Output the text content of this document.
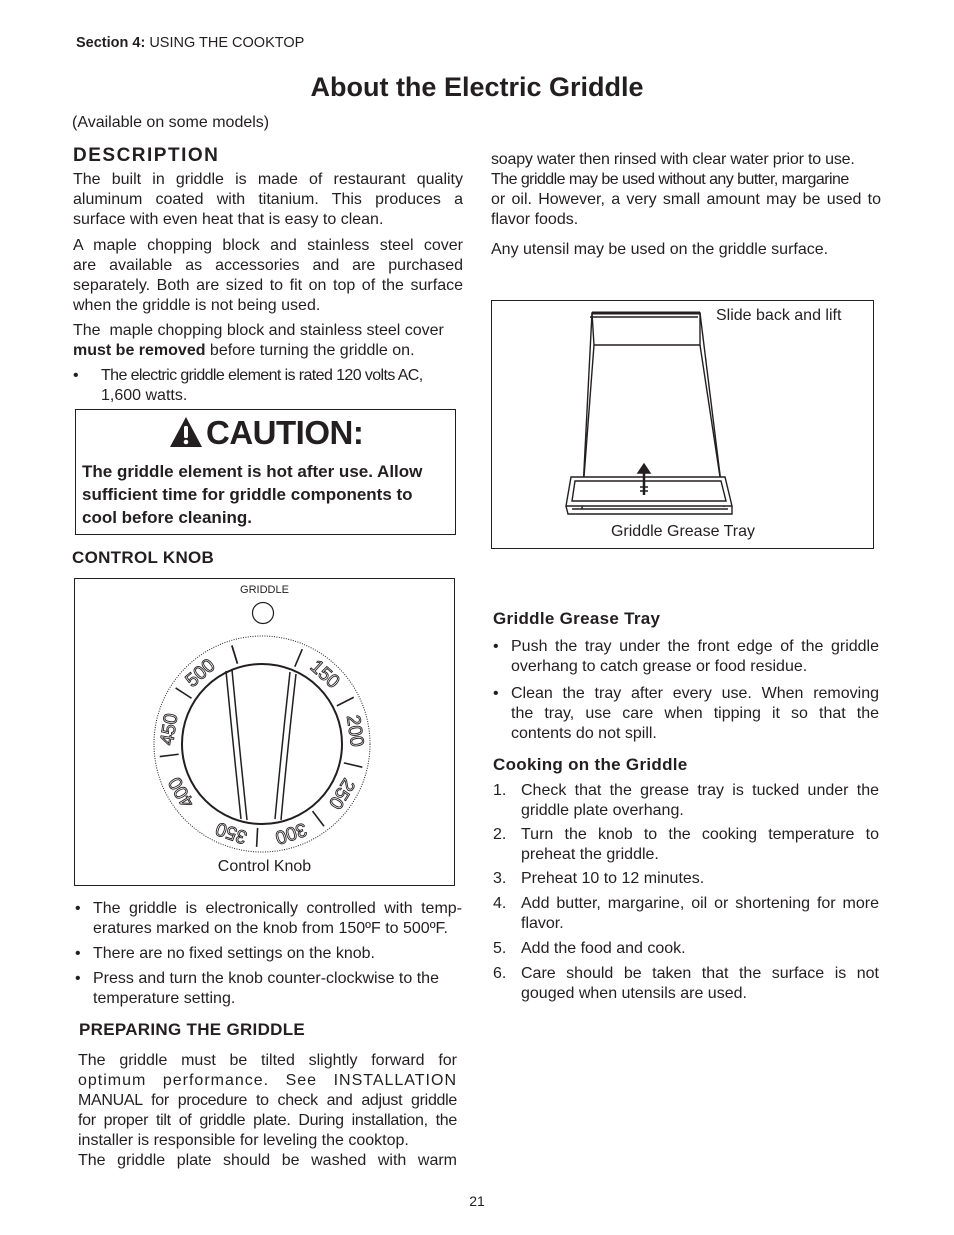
Section 4: USING THE COOKTOP
About the Electric Griddle
(Available on some models)
DESCRIPTION
The built in griddle is made of restaurant quality
aluminum coated with titanium. This produces a
surface with even heat that is easy to clean.
A maple chopping block and stainless steel cover
are available as accessories and are purchased
separately. Both are sized to fit on top of the surface
when the griddle is not being used.
The  maple chopping block and stainless steel cover
must be removed before turning the griddle on.
• The electric griddle element is rated 120 volts AC,
1,600 watts.
CAUTION:
The griddle element is hot after use. Allow
sufficient time for griddle components to
cool before cleaning.
CONTROL KNOB
GRIDDLE
150
200
250
300
350
400
450
500
Control Knob
• The griddle is electronically controlled with temp-
eratures marked on the knob from 150ºF to 500ºF.
• There are no fixed settings on the knob.
• Press and turn the knob counter-clockwise to the
temperature setting.
PREPARING THE GRIDDLE
The griddle must be tilted slightly forward for
optimum performance. See INSTALLATION
MANUAL for procedure to check and adjust griddle
for proper tilt of griddle plate. During installation, the
installer is responsible for leveling the cooktop.
The griddle plate should be washed with warm
soapy water then rinsed with clear water prior to use.
The griddle may be used without any butter, margarine
or oil. However, a very small amount may be used to
flavor foods.
Any utensil may be used on the griddle surface.
Slide back and lift
Griddle Grease Tray
Griddle Grease Tray
• Push the tray under the front edge of the griddle
overhang to catch grease or food residue.
• Clean the tray after every use. When removing
the tray, use care when tipping it so that the
contents do not spill.
Cooking on the Griddle
1. Check that the grease tray is tucked under the
griddle plate overhang.
2. Turn the knob to the cooking temperature to
preheat the griddle.
3. Preheat 10 to 12 minutes.
4. Add butter, margarine, oil or shortening for more
flavor.
5. Add the food and cook.
6. Care should be taken that the surface is not
gouged when utensils are used.
21
